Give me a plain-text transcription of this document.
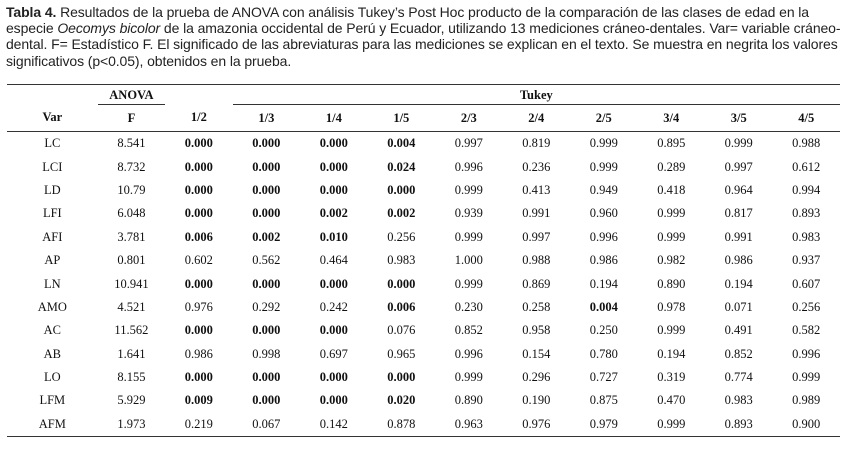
Tabla 4. Resultados de la prueba de ANOVA con análisis Tukey’s Post Hoc producto de la comparación de las clases de edad en la especie Oecomys bicolor de la amazonia occidental de Perú y Ecuador, utilizando 13 mediciones cráneo-dentales. Var= variable cráneo- dental. F= Estadístico F. El significado de las abreviaturas para las mediciones se explican en el texto. Se muestra en negrita los valores significativos (p<0.05), obtenidos en la prueba.
	ANOVA		Tukey								
Var	F	1/2	1/3	1/4	1/5	2/3	2/4	2/5	3/4	3/5	4/5
LC	8.541	0.000	0.000	0.000	0.004	0.997	0.819	0.999	0.895	0.999	0.988
LCI	8.732	0.000	0.000	0.000	0.024	0.996	0.236	0.999	0.289	0.997	0.612
LD	10.79	0.000	0.000	0.000	0.000	0.999	0.413	0.949	0.418	0.964	0.994
LFI	6.048	0.000	0.000	0.002	0.002	0.939	0.991	0.960	0.999	0.817	0.893
AFI	3.781	0.006	0.002	0.010	0.256	0.999	0.997	0.996	0.999	0.991	0.983
AP	0.801	0.602	0.562	0.464	0.983	1.000	0.988	0.986	0.982	0.986	0.937
LN	10.941	0.000	0.000	0.000	0.000	0.999	0.869	0.194	0.890	0.194	0.607
AMO	4.521	0.976	0.292	0.242	0.006	0.230	0.258	0.004	0.978	0.071	0.256
AC	11.562	0.000	0.000	0.000	0.076	0.852	0.958	0.250	0.999	0.491	0.582
AB	1.641	0.986	0.998	0.697	0.965	0.996	0.154	0.780	0.194	0.852	0.996
LO	8.155	0.000	0.000	0.000	0.000	0.999	0.296	0.727	0.319	0.774	0.999
LFM	5.929	0.009	0.000	0.000	0.020	0.890	0.190	0.875	0.470	0.983	0.989
AFM	1.973	0.219	0.067	0.142	0.878	0.963	0.976	0.979	0.999	0.893	0.900
